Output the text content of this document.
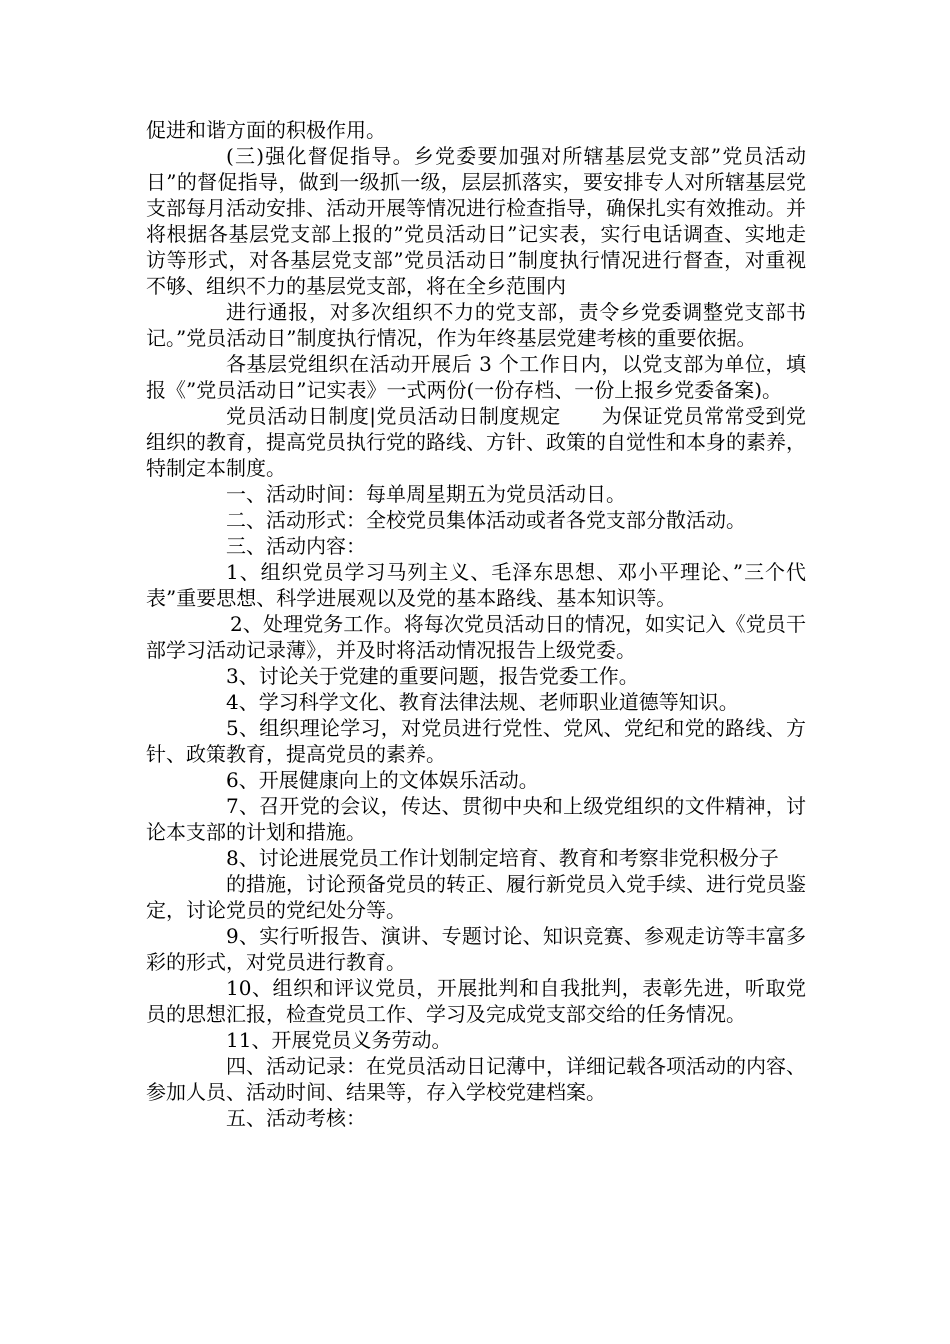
促进和谐方面的积极作用。

(三)强化督促指导。乡党委要加强对所辖基层党支部”党员活动日”的督促指导，做到一级抓一级，层层抓落实，要安排专人对所辖基层党支部每月活动安排、活动开展等情况进行检查指导，确保扎实有效推动。并将根据各基层党支部上报的”党员活动日”记实表，实行电话调查、实地走访等形式，对各基层党支部”党员活动日”制度执行情况进行督查，对重视不够、组织不力的基层党支部，将在全乡范围内

进行通报，对多次组织不力的党支部，责令乡党委调整党支部书记。”党员活动日”制度执行情况，作为年终基层党建考核的重要依据。

各基层党组织在活动开展后 3 个工作日内，以党支部为单位，填报《”党员活动日”记实表》一式两份(一份存档、一份上报乡党委备案)。

党员活动日制度|党员活动日制度规定　　为保证党员常常受到党组织的教育，提高党员执行党的路线、方针、政策的自觉性和本身的素养，特制定本制度。

一、活动时间：每单周星期五为党员活动日。

二、活动形式：全校党员集体活动或者各党支部分散活动。

三、活动内容：

1、组织党员学习马列主义、毛泽东思想、邓小平理论、”三个代表”重要思想、科学进展观以及党的基本路线、基本知识等。

2、处理党务工作。将每次党员活动日的情况，如实记入《党员干部学习活动记录薄》，并及时将活动情况报告上级党委。

3、讨论关于党建的重要问题，报告党委工作。

4、学习科学文化、教育法律法规、老师职业道德等知识。

5、组织理论学习，对党员进行党性、党风、党纪和党的路线、方针、政策教育，提高党员的素养。

6、开展健康向上的文体娱乐活动。

7、召开党的会议，传达、贯彻中央和上级党组织的文件精神，讨论本支部的计划和措施。

8、讨论进展党员工作计划制定培育、教育和考察非党积极分子

的措施，讨论预备党员的转正、履行新党员入党手续、进行党员鉴定，讨论党员的党纪处分等。

9、实行听报告、演讲、专题讨论、知识竞赛、参观走访等丰富多彩的形式，对党员进行教育。

10、组织和评议党员，开展批判和自我批判，表彰先进，听取党员的思想汇报，检查党员工作、学习及完成党支部交给的任务情况。

11、开展党员义务劳动。

四、活动记录：在党员活动日记薄中，详细记载各项活动的内容、参加人员、活动时间、结果等，存入学校党建档案。

五、活动考核：
